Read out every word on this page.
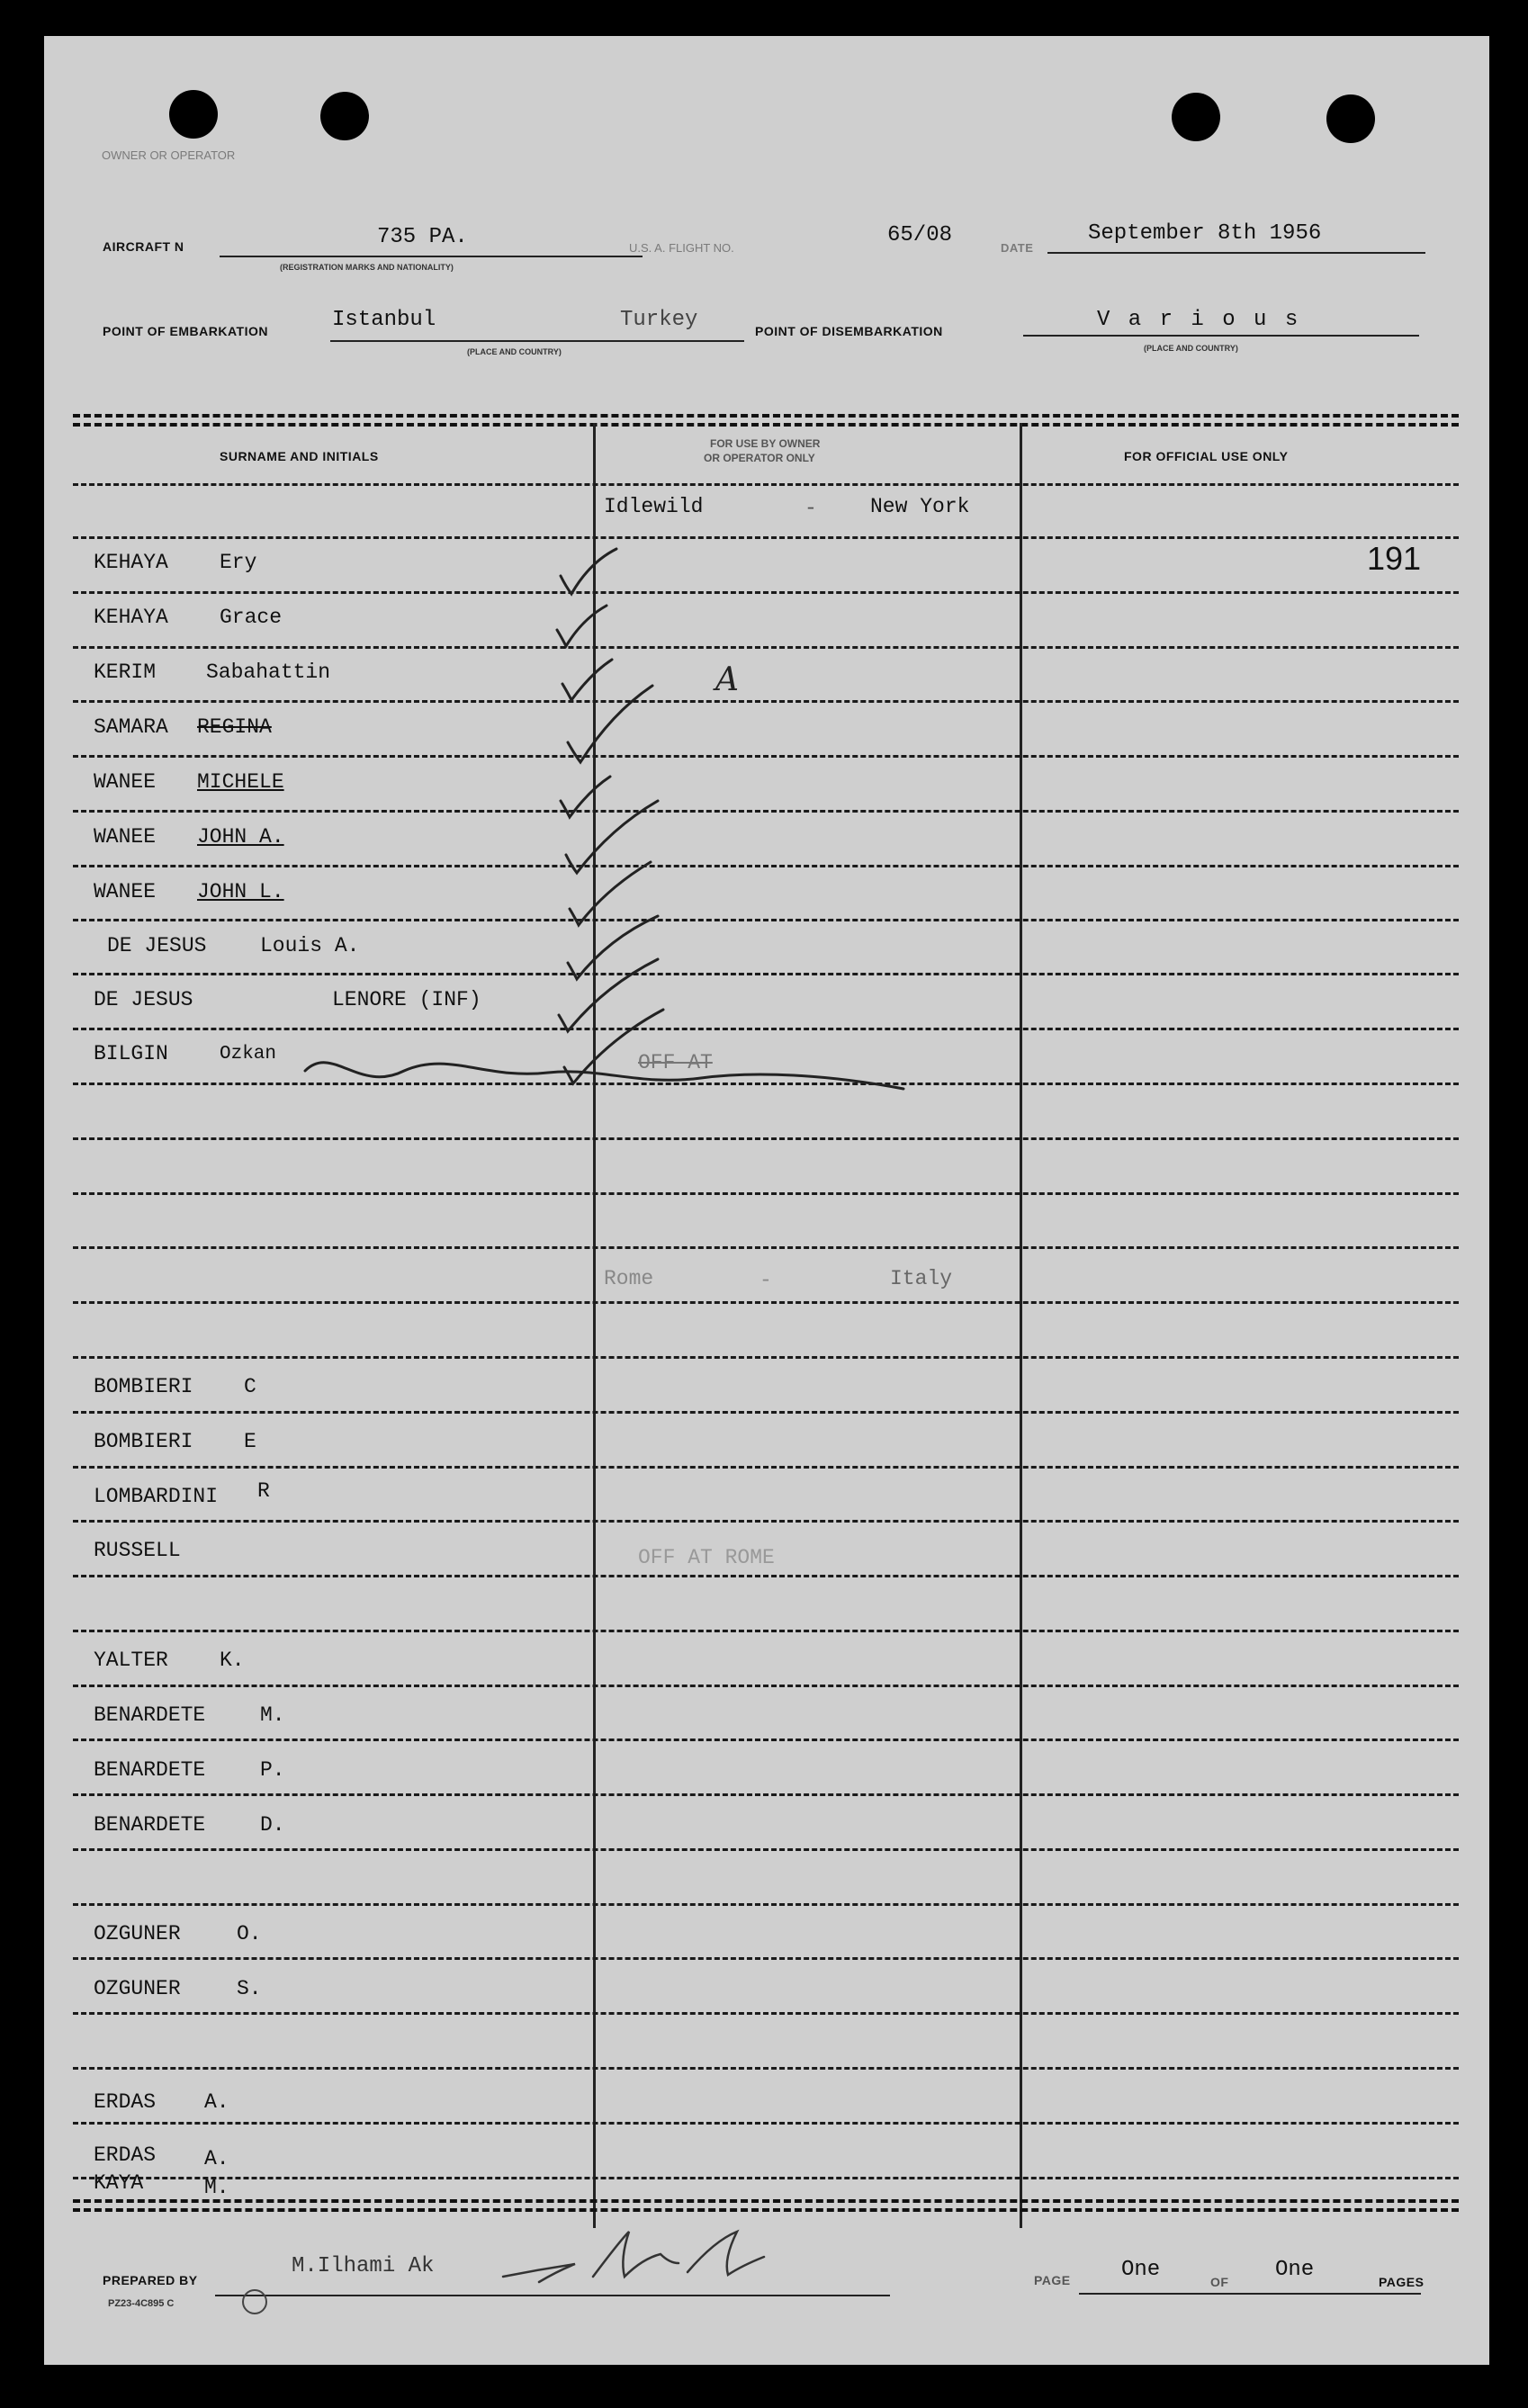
OWNER OR OPERATOR
AIRCRAFT N	735 PA.
(REGISTRATION MARKS AND NATIONALITY)
U.S. A. FLIGHT NO.
65/08
DATE
September 8th 1956
POINT OF EMBARKATION	Istanbul	Turkey
(PLACE AND COUNTRY)
POINT OF DISEMBARKATION	V a r i o u s
(PLACE AND COUNTRY)
SURNAME AND INITIALS
FOR USE BY OWNER
OR OPERATOR ONLY	FOR OFFICIAL USE ONLY
Idlewild	-	New York
191
KEHAYA Ery
KEHAYA Grace
KERIM Sabahattin
SAMARA REGINA
WANEE MICHELE
WANEE JOHN A.
WANEE JOHN L.
DE JESUS	Louis A.
DE JESUS	LENORE (INF)
BILGIN	Ozkan	OFF AT
A
Rome	-	Italy
BOMBIERI C
BOMBIERI E
LOMBARDINI R
RUSSELL	OFF AT ROME
YALTER K.
BENARDETE	M.
BENARDETE	P.
BENARDETE	D.
OZGUNER	O.
OZGUNER	S.
ERDAS A.
ERDAS A.
KAYA	M.
PREPARED BY
M.Ilhami Ak
PZ23-4C895 C
PAGE One	OF One	PAGES
